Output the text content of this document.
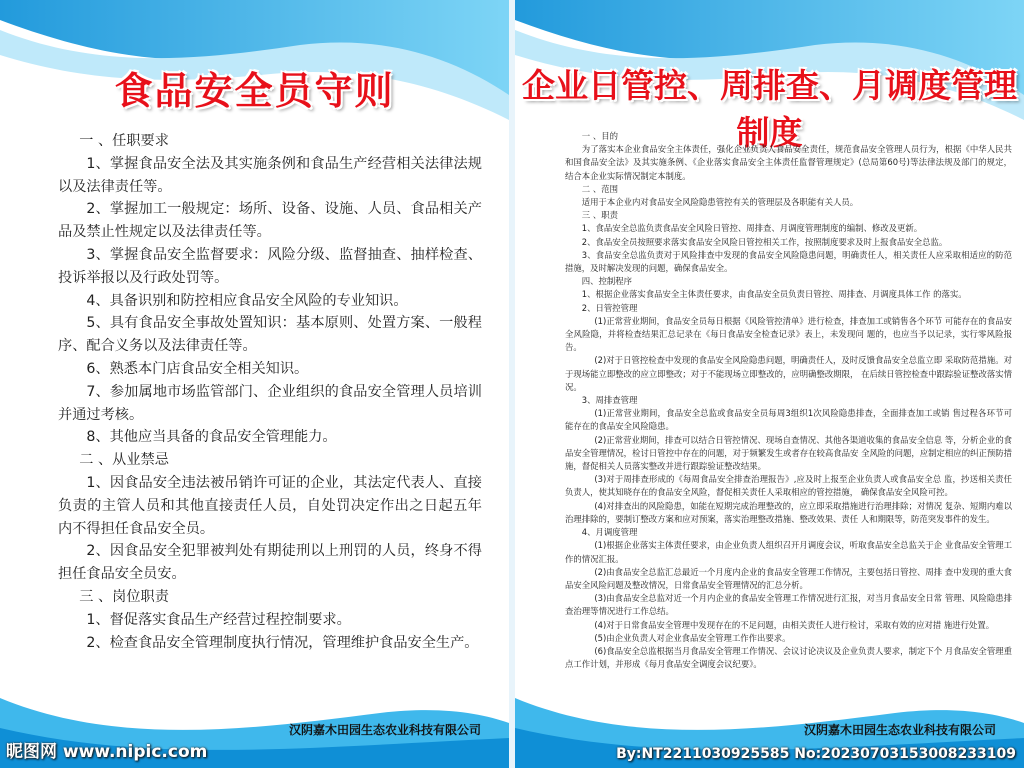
食品安全员守则

一 、任职要求

1、掌握食品安全法及其实施条例和食品生产经营相关法律法规以及法律责任等。

2、掌握加工一般规定：场所、设备、设施、人员、食品相关产品及禁止性规定以及法律责任等。

3、掌握食品安全监督要求：风险分级、监督抽查、抽样检查、投诉举报以及行政处罚等。

4、具备识别和防控相应食品安全风险的专业知识。

5、具有食品安全事故处置知识：基本原则、处置方案、一般程序、配合义务以及法律责任等。

6、熟悉本门店食品安全相关知识。

7、参加属地市场监管部门、企业组织的食品安全管理人员培训并通过考核。

8、其他应当具备的食品安全管理能力。

二 、从业禁忌

1、因食品安全违法被吊销许可证的企业，其法定代表人、直接负责的主管人员和其他直接责任人员，自处罚决定作出之日起五年内不得担任食品安全员。

2、因食品安全犯罪被判处有期徒刑以上刑罚的人员，终身不得担任食品安全员安。

三 、岗位职责

1、督促落实食品生产经营过程控制要求。

2、检查食品安全管理制度执行情况，管理维护食品安全生产。

汉阴嘉木田园生态农业科技有限公司
企业日管控、周排查、月调度管理制度

一 、目的

为了落实本企业食品安全主体责任，强化企业负责人食品安全责任，规范食品安全管理人员行为，根据《中华人民共和国食品安全法》及其实施条例、《企业落实食品安全主体责任监督管理规定》(总局第60号)等法律法规及部门的规定，结合本企业实际情况制定本制度。

二 、范围

适用于本企业内对食品安全风险隐患管控有关的管理层及各职能有关人员。

三 、职责

1、食品安全总监负责食品安全风险日管控、周排查、月调度管理制度的编制、修改及更新。

2、食品安全员按照要求落实食品安全风险日管控相关工作，按照制度要求及时上报食品安全总监。

3、食品安全总监负责对于风险排查中发现的食品安全风险隐患问题，明确责任人，相关责任人应采取相适应的防范措施，及时解决发现的问题，确保食品安全。

四、控制程序

1、根据企业落实食品安全主体责任要求，由食品安全员负责日管控、周排查、月调度具体工作 的落实。

2、日管控管理

(1)正常营业期间，食品安全员每日根据《风险管控清单》进行检查，排查加工或销售各个环节 可能存在的食品安全风险隐，并将检查结果汇总记录在《每日食品安全检查记录》表上，未发现问 题的，也应当予以记录，实行零风险报告。

(2)对于日管控检查中发现的食品安全风险隐患问题，明确责任人，及时反馈食品安全总监立即 采取防范措施。对于现场能立即整改的应立即整改；对于不能现场立即整改的，应明确整改期限， 在后续日管控检查中跟踪验证整改落实情况。

3、周排查管理

(1)正常营业期间，食品安全总监或食品安全员每周3组织1次风险隐患排查，全面排查加工或销 售过程各环节可能存在的食品安全风险隐患。

(2)正常营业期间，排查可以结合日管控情况、现场自查情况、其他各渠道收集的食品安全信息 等，分析企业的食品安全管理情况，检讨日管控中存在的问题，对于频繁发生或者存在较高食品安 全风险的问题，应制定相应的纠正预防措施，督促相关人员落实整改并进行跟踪验证整改结果。

(3)对于周排查形成的《每周食品安全排查治理报告》,应及时上报至企业负责人或食品安全总 监，抄送相关责任负责人，使其知晓存在的食品安全风险，督促相关责任人采取相应的管控措施， 确保食品安全风险可控。

(4)对排查出的风险隐患，如能在短期完成治理整改的，应立即采取措施进行治理排除；对情况 复杂、短期内难以治理排除的，要制订整改方案和应对预案，落实治理整改措施、整改效果、责任 人和期限等，防范突发事件的发生。

4、月调度管理

(1)根据企业落实主体责任要求，由企业负责人组织召开月调度会议，听取食品安全总监关于企 业食品安全管理工作的情况汇报。

(2)由食品安全总监汇总最近一个月度内企业的食品安全管理工作情况，主要包括日管控、周排 查中发现的重大食品安全风险问题及整改情况，日常食品安全管理情况的汇总分析。

(3)由食品安全总监对近一个月内企业的食品安全管理工作情况进行汇报，对当月食品安全日常 管理、风险隐患排查治理等情况进行工作总结。

(4)对于日常食品安全管理中发现存在的不足问题，由相关责任人进行检讨，采取有效的应对措 施进行处置。

(5)由企业负责人对企业食品安全管理工作作出要求。

(6)食品安全总监根据当月食品安全管理工作情况、会议讨论决议及企业负责人要求，制定下个 月食品安全管理重点工作计划，并形成《每月食品安全调度会议纪要》。

汉阴嘉木田园生态农业科技有限公司
昵图网 www.nipic.com	By:NT2211030925585 No:20230703153008233109
